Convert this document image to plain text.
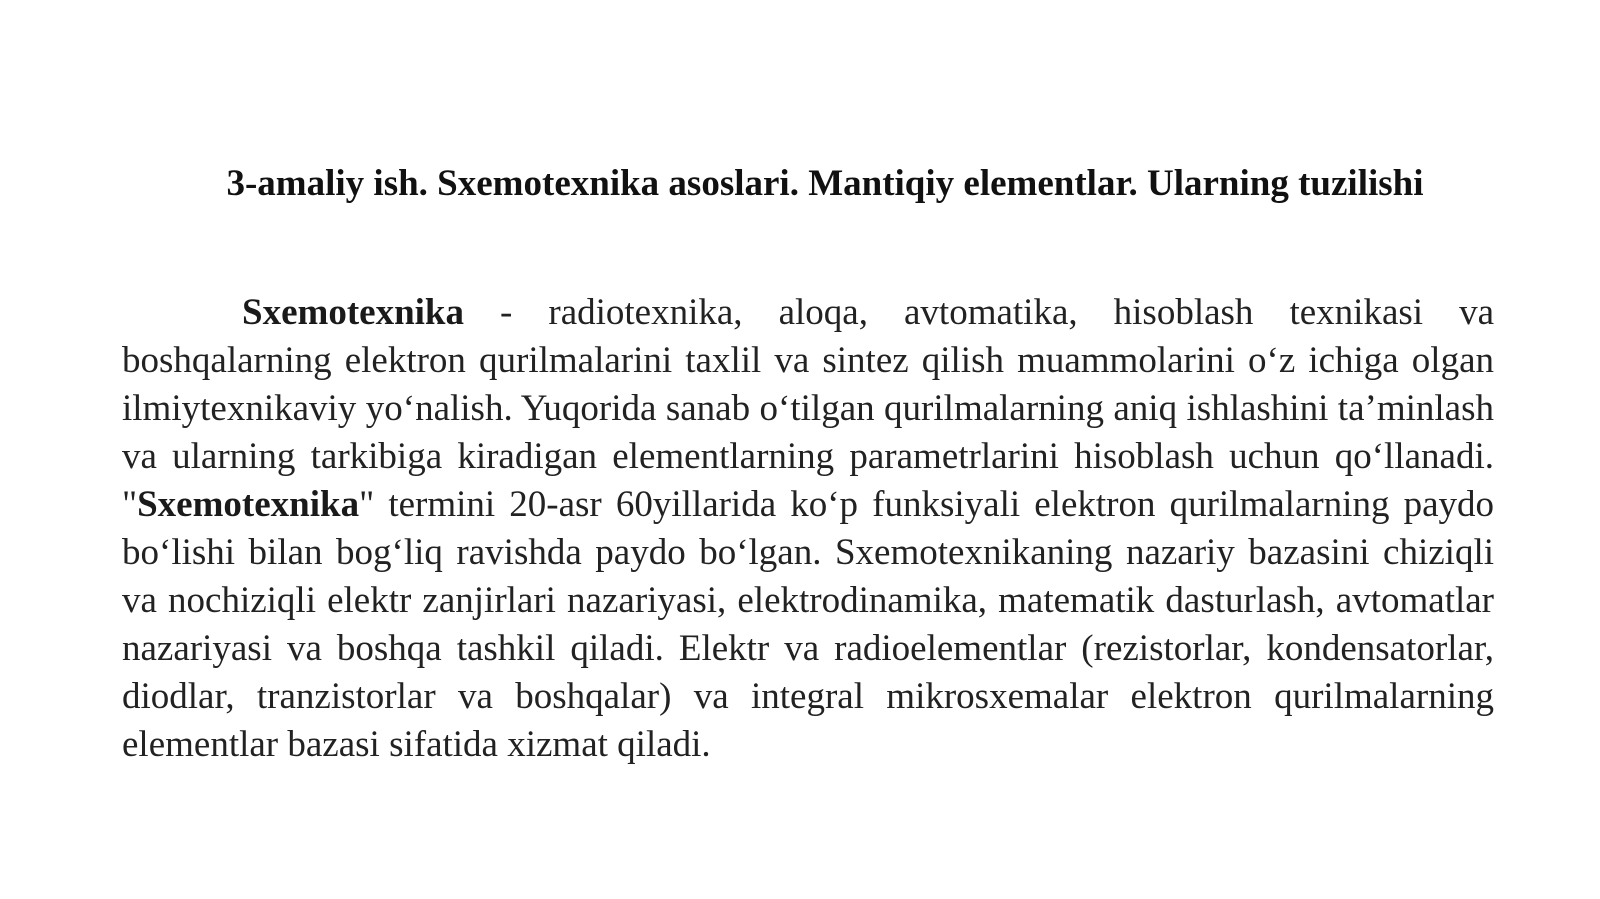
3-amaliy ish. Sxemotexnika asoslari. Mantiqiy elementlar. Ularning tuzilishi

Sxemotexnika - radiotexnika, aloqa, avtomatika, hisoblash texnikasi va boshqalarning elektron qurilmalarini taxlil va sintez qilish muammolarini o‘z ichiga olgan ilmiytexnikaviy yo‘nalish. Yuqorida sanab o‘tilgan qurilmalarning aniq ishlashini ta’minlash va ularning tarkibiga kiradigan elementlarning parametrlarini hisoblash uchun qo‘llanadi. "Sxemotexnika" termini 20-asr 60yillarida ko‘p funksiyali elektron qurilmalarning paydo bo‘lishi bilan bog‘liq ravishda paydo bo‘lgan. Sxemotexnikaning nazariy bazasini chiziqli va nochiziqli elektr zanjirlari nazariyasi, elektrodinamika, matematik dasturlash, avtomatlar nazariyasi va boshqa tashkil qiladi. Elektr va radioelementlar (rezistorlar, kondensatorlar, diodlar, tranzistorlar va boshqalar) va integral mikrosxemalar elektron qurilmalarning elementlar bazasi sifatida xizmat qiladi.
